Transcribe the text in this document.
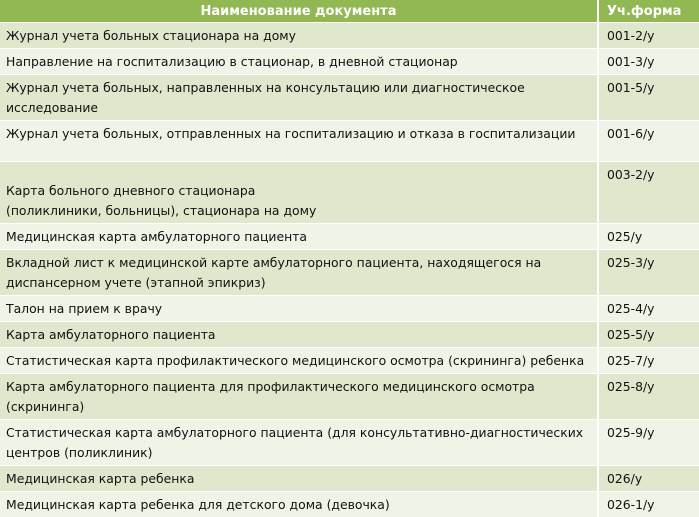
Наименование документа	Уч.форма

Журнал учета больных стационара на дому	001-2/у

Направление на госпитализацию в стационар, в дневной стационар	001-3/у

Журнал учета больных, направленных на консультацию или диагностическое
исследование	001-5/у

Журнал учета больных, отправленных на госпитализацию и отказа в госпитализации	001-6/у

Карта больного дневного стационара
(поликлиники, больницы), стационара на дому	003-2/у

Медицинская карта амбулаторного пациента	025/у

Вкладной лист к медицинской карте амбулаторного пациента, находящегося на
диспансерном учете (этапной эпикриз)	025-3/у

Талон на прием к врачу	025-4/у

Карта амбулаторного пациента	025-5/у

Статистическая карта профилактического медицинского осмотра (скрининга) ребенка	025-7/у

Карта амбулаторного пациента для профилактического медицинского осмотра
(скрининга)	025-8/у

Статистическая карта амбулаторного пациента (для консультативно-диагностических
центров (поликлиник)	025-9/у

Медицинская карта ребенка	026/у

Медицинская карта ребенка для детского дома (девочка)	026-1/у
